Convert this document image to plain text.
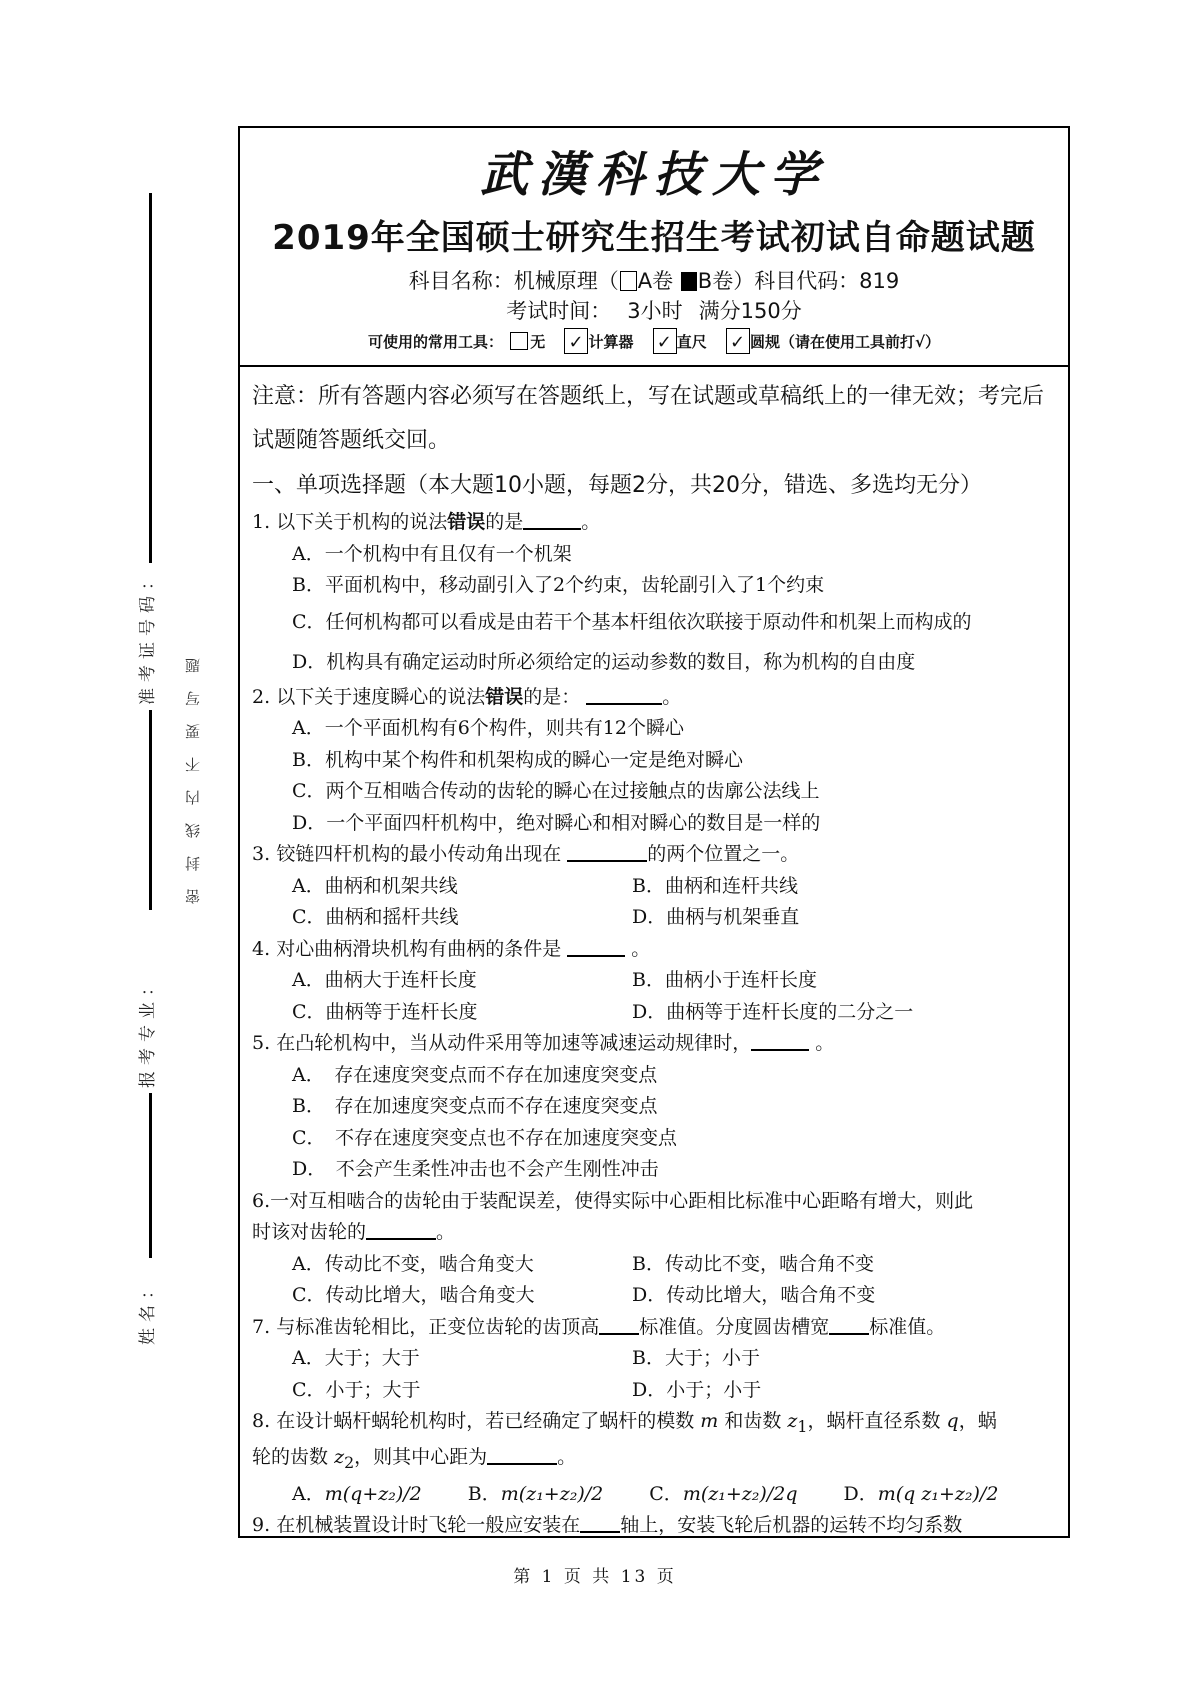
准考证号码：
报考专业：
姓名：
密封线内不要写题
武漢科技大学
2019年全国硕士研究生招生考试初试自命题试题
科目名称：机械原理（ A卷 B卷）科目代码：819
考试时间： 3小时 满分150分
可使用的常用工具： 无 ✓ 计算器 ✓ 直尺 ✓ 圆规（请在使用工具前打√）
注意：所有答题内容必须写在答题纸上，写在试题或草稿纸上的一律无效；考完后试题随答题纸交回。
一、单项选择题（本大题10小题，每题2分，共20分，错选、多选均无分）
1. 以下关于机构的说法错误的是	。
A．一个机构中有且仅有一个机架
B．平面机构中，移动副引入了2个约束，齿轮副引入了1个约束
C．任何机构都可以看成是由若干个基本杆组依次联接于原动件和机架上而构成的
D．机构具有确定运动时所必须给定的运动参数的数目，称为机构的自由度
2. 以下关于速度瞬心的说法错误的是：	。
A．一个平面机构有6个构件，则共有12个瞬心
B．机构中某个构件和机架构成的瞬心一定是绝对瞬心
C．两个互相啮合传动的齿轮的瞬心在过接触点的齿廓公法线上
D．一个平面四杆机构中，绝对瞬心和相对瞬心的数目是一样的
3. 铰链四杆机构的最小传动角出现在	的两个位置之一。
A．曲柄和机架共线	B．曲柄和连杆共线
C．曲柄和摇杆共线	D．曲柄与机架垂直
4. 对心曲柄滑块机构有曲柄的条件是	。
A．曲柄大于连杆长度	B．曲柄小于连杆长度
C．曲柄等于连杆长度	D．曲柄等于连杆长度的二分之一
5. 在凸轮机构中，当从动件采用等加速等减速运动规律时，	。
A．　存在速度突变点而不存在加速度突变点
B．　存在加速度突变点而不存在速度突变点
C．　不存在速度突变点也不存在加速度突变点
D．　不会产生柔性冲击也不会产生刚性冲击
6.一对互相啮合的齿轮由于装配误差，使得实际中心距相比标准中心距略有增大，则此
时该对齿轮的	。
A．传动比不变，啮合角变大	B．传动比不变，啮合角不变
C．传动比增大，啮合角变大	D．传动比增大，啮合角不变
7. 与标准齿轮相比，正变位齿轮的齿顶高 标准值。分度圆齿槽宽 标准值。
A．大于；大于	B．大于；小于
C．小于；大于	D．小于；小于
8. 在设计蜗杆蜗轮机构时，若已经确定了蜗杆的模数 m 和齿数 $z_1$，蜗杆直径系数 q，蜗
轮的齿数 $z_2$，则其中心距为	。
A．m(q+z₂)/2 B．m(z₁+z₂)/2 C．m(z₁+z₂)/2q D．m(q z₁+z₂)/2
9. 在机械装置设计时飞轮一般应安装在 轴上，安装飞轮后机器的运转不均匀系数
第 1 页 共 13 页
